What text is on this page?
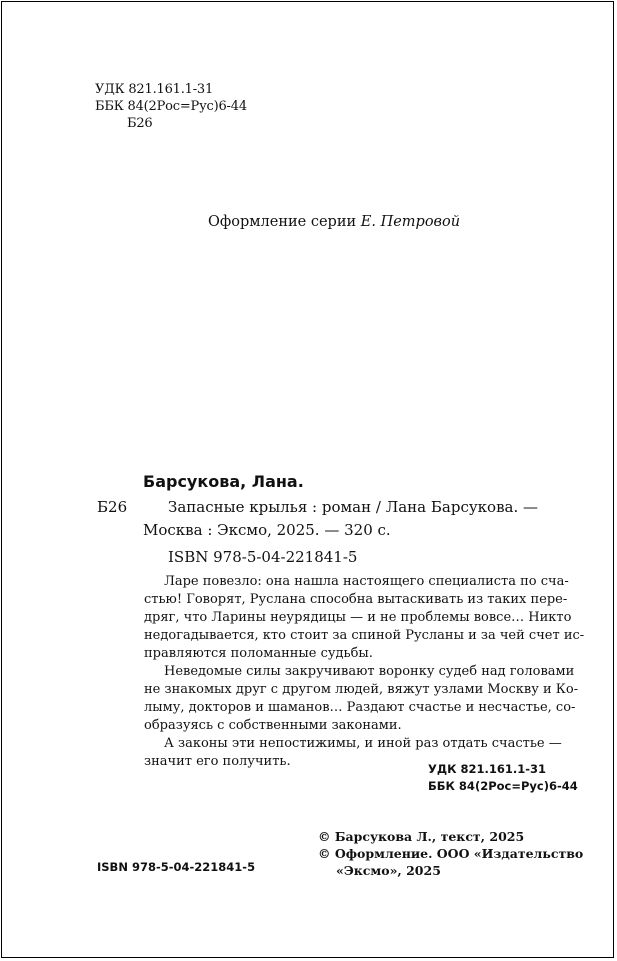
УДК 821.161.1-31
ББК 84(2Рос=Рус)6-44
Б26
Оформление серии Е. Петровой
Барсукова, Лана.
Б26	Запасные крылья : роман / Лана Барсукова. —
Москва : Эксмо, 2025. — 320 с.
ISBN 978-5-04-221841-5

Ларе повезло: она нашла настоящего специалиста по сча-
стью! Говорят, Руслана способна вытаскивать из таких пере-
дряг, что Ларины неурядицы — и не проблемы вовсе… Никто
недогадывается, кто стоит за спиной Русланы и за чей счет ис-
правляются поломанные судьбы.

Неведомые силы закручивают воронку судеб над головами
не знакомых друг с другом людей, вяжут узлами Москву и Ко-
лыму, докторов и шаманов… Раздают счастье и несчастье, со-
образуясь с собственными законами.

А законы эти непостижимы, и иной раз отдать счастье —
значит его получить.	УДК 821.161.1-31
ББК 84(2Рос=Рус)6-44
© Барсукова Л., текст, 2025
© Оформление. ООО «Издательство
«Эксмо», 2025
ISBN 978-5-04-221841-5
